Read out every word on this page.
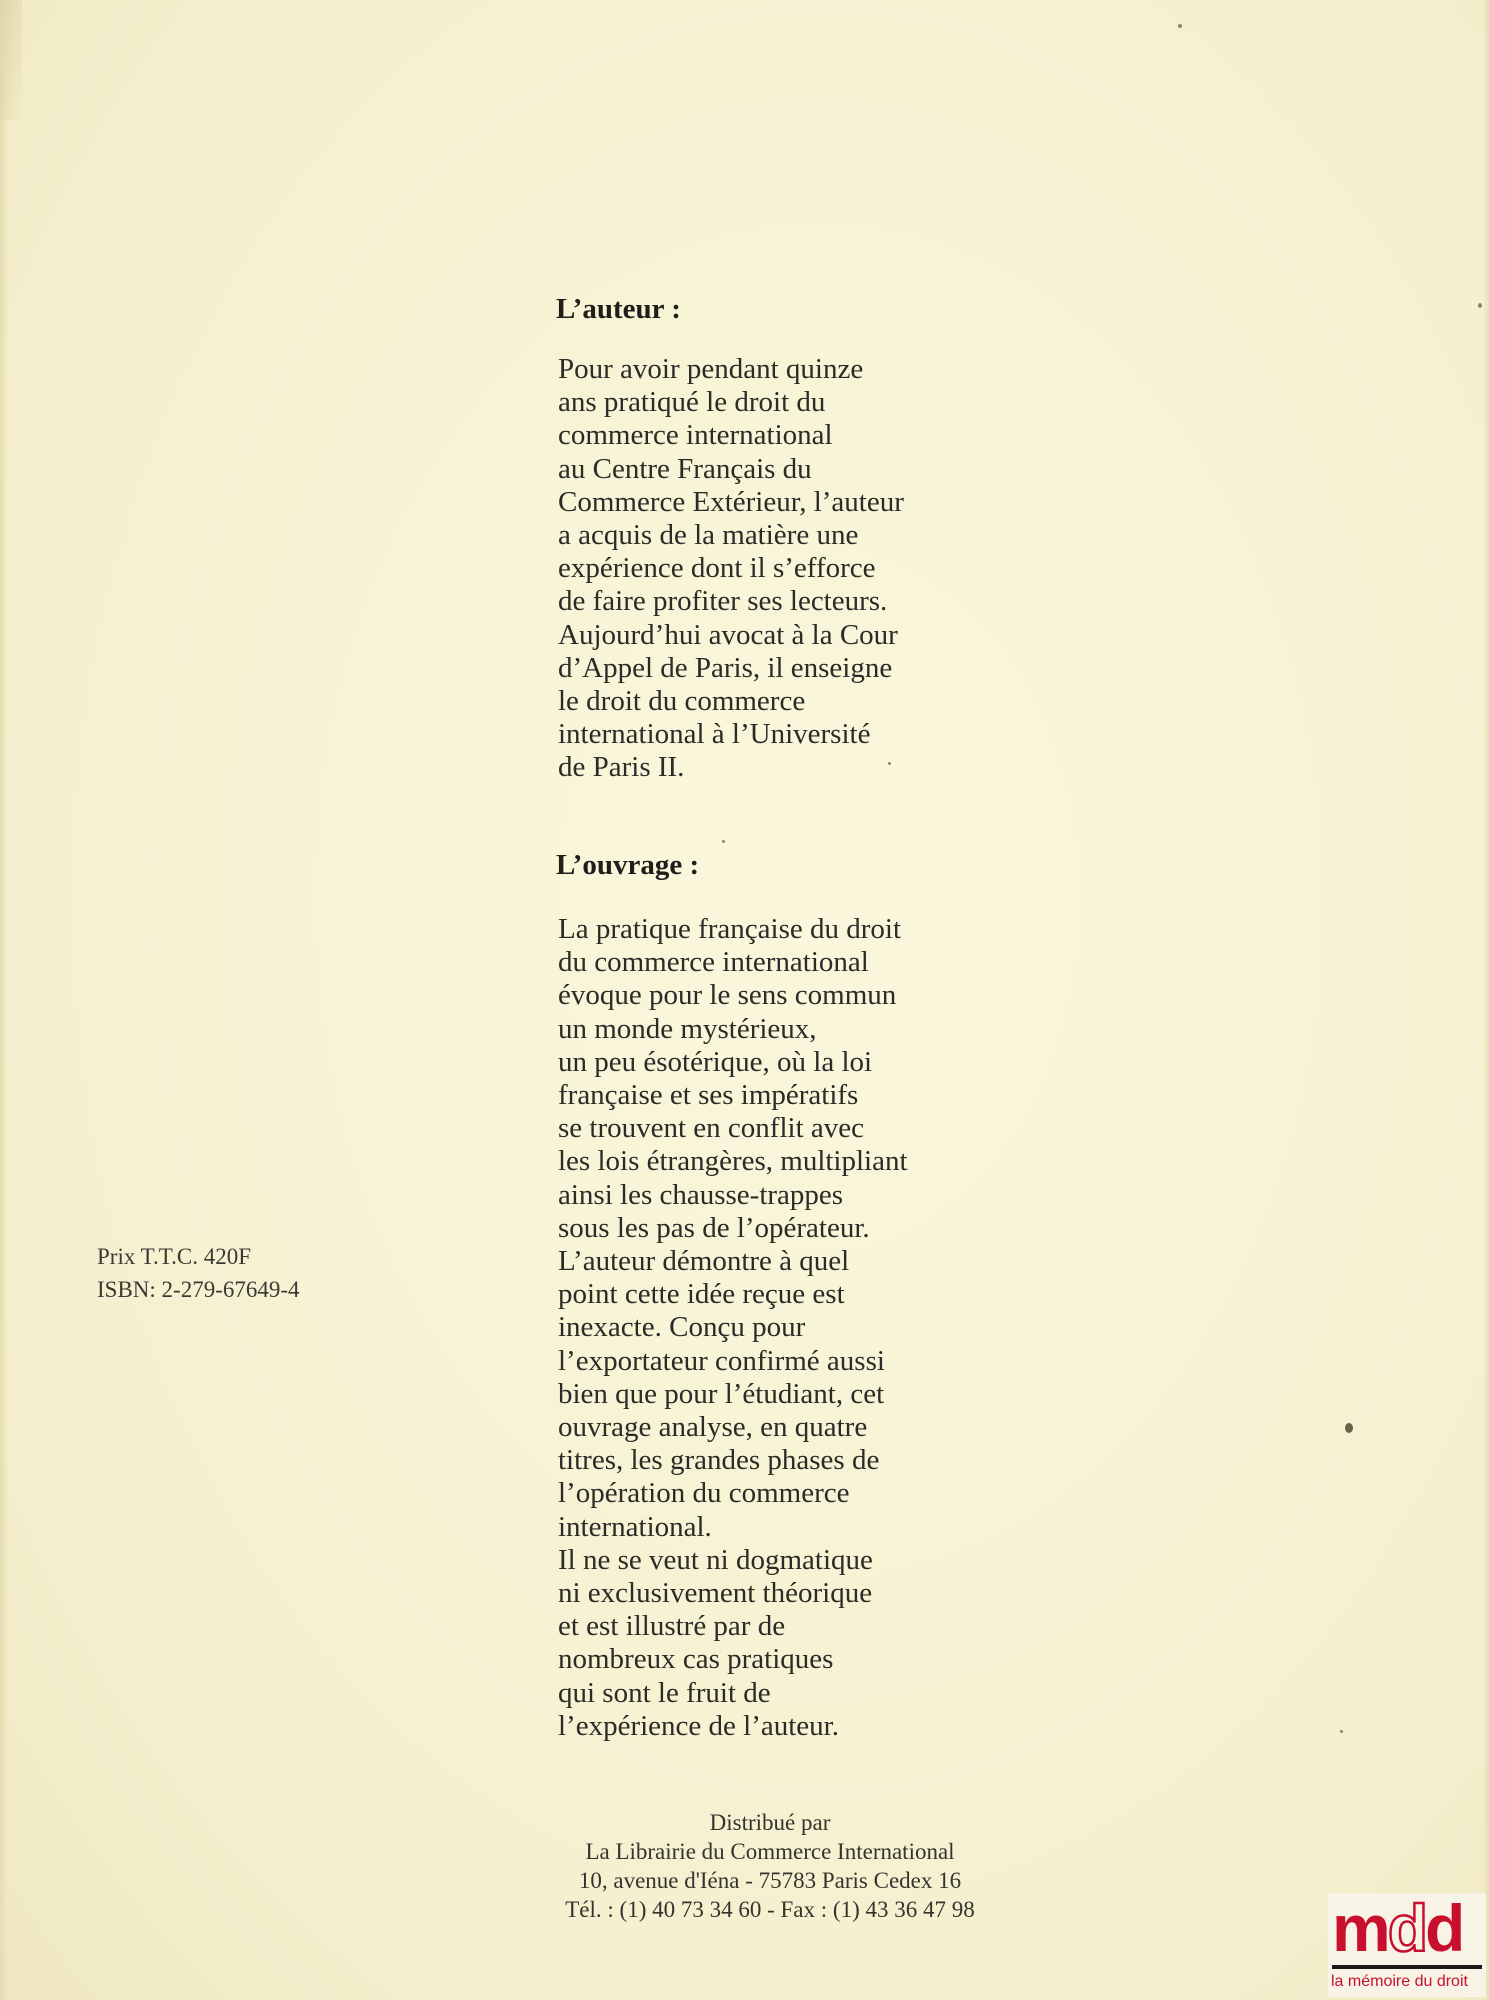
L’auteur :
Pour avoir pendant quinze
ans pratiqué le droit du
commerce international
au Centre Français du
Commerce Extérieur, l’auteur
a acquis de la matière une
expérience dont il s’efforce
de faire profiter ses lecteurs.
Aujourd’hui avocat à la Cour
d’Appel de Paris, il enseigne
le droit du commerce
international à l’Université
de Paris II.
L’ouvrage :
La pratique française du droit
du commerce international
évoque pour le sens commun
un monde mystérieux,
un peu ésotérique, où la loi
française et ses impératifs
se trouvent en conflit avec
les lois étrangères, multipliant
ainsi les chausse-trappes
sous les pas de l’opérateur.
L’auteur démontre à quel
point cette idée reçue est
inexacte. Conçu pour
l’exportateur confirmé aussi
bien que pour l’étudiant, cet
ouvrage analyse, en quatre
titres, les grandes phases de
l’opération du commerce
international.
Il ne se veut ni dogmatique
ni exclusivement théorique
et est illustré par de
nombreux cas pratiques
qui sont le fruit de
l’expérience de l’auteur.
Prix T.T.C. 420F
ISBN: 2-279-67649-4
Distribué par
La Librairie du Commerce International
10, avenue d'Iéna - 75783 Paris Cedex 16
Tél. : (1) 40 73 34 60 - Fax : (1) 43 36 47 98	mdd
la mémoire du droit
